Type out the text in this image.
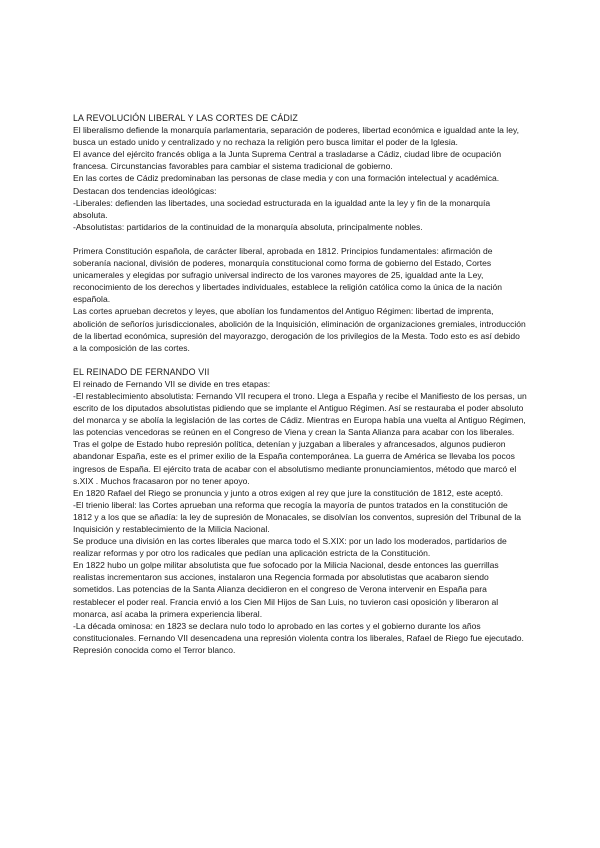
LA REVOLUCIÓN LIBERAL Y LAS CORTES DE CÁDIZ

El liberalismo defiende la monarquía parlamentaria, separación de poderes, libertad económica e igualdad ante la ley, busca un estado unido y centralizado y no rechaza la religión pero busca limitar el poder de la Iglesia.

El avance del ejército francés obliga a la Junta Suprema Central a trasladarse a Cádiz, ciudad libre de ocupación francesa. Circunstancias favorables para cambiar el sistema tradicional de gobierno.

En las cortes de Cádiz predominaban las personas de clase media y con una formación intelectual y académica. Destacan dos tendencias ideológicas:

-Liberales: defienden las libertades, una sociedad estructurada en la igualdad ante la ley y fin de la monarquía absoluta.

-Absolutistas: partidarios de la continuidad de la monarquía absoluta, principalmente nobles.

Primera Constitución española, de carácter liberal, aprobada en 1812. Principios fundamentales: afirmación de soberanía nacional, división de poderes, monarquía constitucional como forma de gobierno del Estado, Cortes unicamerales y elegidas por sufragio universal indirecto de los varones mayores de 25, igualdad ante la Ley, reconocimiento de los derechos y libertades individuales, establece la religión católica como la única de la nación española.

Las cortes aprueban decretos y leyes, que abolían los fundamentos del Antiguo Régimen: libertad de imprenta, abolición de señoríos jurisdiccionales, abolición de la Inquisición, eliminación de organizaciones gremiales, introducción de la libertad económica, supresión del mayorazgo, derogación de los privilegios de la Mesta. Todo esto es así debido a la composición de las cortes.

EL REINADO DE FERNANDO VII

El reinado de Fernando VII se divide en tres etapas:

-El restablecimiento absolutista: Fernando VII recupera el trono. Llega a España y recibe el Manifiesto de los persas, un escrito de los diputados absolutistas pidiendo que se implante el Antiguo Régimen. Así se restauraba el poder absoluto del monarca y se abolía la legislación de las cortes de Cádiz. Mientras en Europa había una vuelta al Antiguo Régimen, las potencias vencedoras se reúnen en el Congreso de Viena y crean la Santa Alianza para acabar con los liberales.

Tras el golpe de Estado hubo represión política, detenían y juzgaban a liberales y afrancesados, algunos pudieron abandonar España, este es el primer exilio de la España contemporánea. La guerra de América se llevaba los pocos ingresos de España. El ejército trata de acabar con el absolutismo mediante pronunciamientos, método que marcó el s.XIX . Muchos fracasaron por no tener apoyo.

En 1820 Rafael del Riego se pronuncia y junto a otros exigen al rey que jure la constitución de 1812, este aceptó.

-El trienio liberal: las Cortes aprueban una reforma que recogía la mayoría de puntos tratados en la constitución de 1812 y a los que se añadía: la ley de supresión de Monacales, se disolvían los conventos, supresión del Tribunal de la Inquisición y restablecimiento de la Milicia Nacional.

Se produce una división en las cortes liberales que marca todo el S.XIX: por un lado los moderados, partidarios de realizar reformas y por otro los radicales que pedían una aplicación estricta de la Constitución.

En 1822 hubo un golpe militar absolutista que fue sofocado por la Milicia Nacional, desde entonces las guerrillas realistas incrementaron sus acciones, instalaron una Regencia formada por absolutistas que acabaron siendo sometidos. Las potencias de la Santa Alianza decidieron en el congreso de Verona intervenir en España para restablecer el poder real. Francia envió a los Cien Mil Hijos de San Luis, no tuvieron casi oposición y liberaron al monarca, así acaba la primera experiencia liberal.

-La década ominosa: en 1823 se declara nulo todo lo aprobado en las cortes y el gobierno durante los años constitucionales. Fernando VII desencadena una represión violenta contra los liberales, Rafael de Riego fue ejecutado. Represión conocida como el Terror blanco.
